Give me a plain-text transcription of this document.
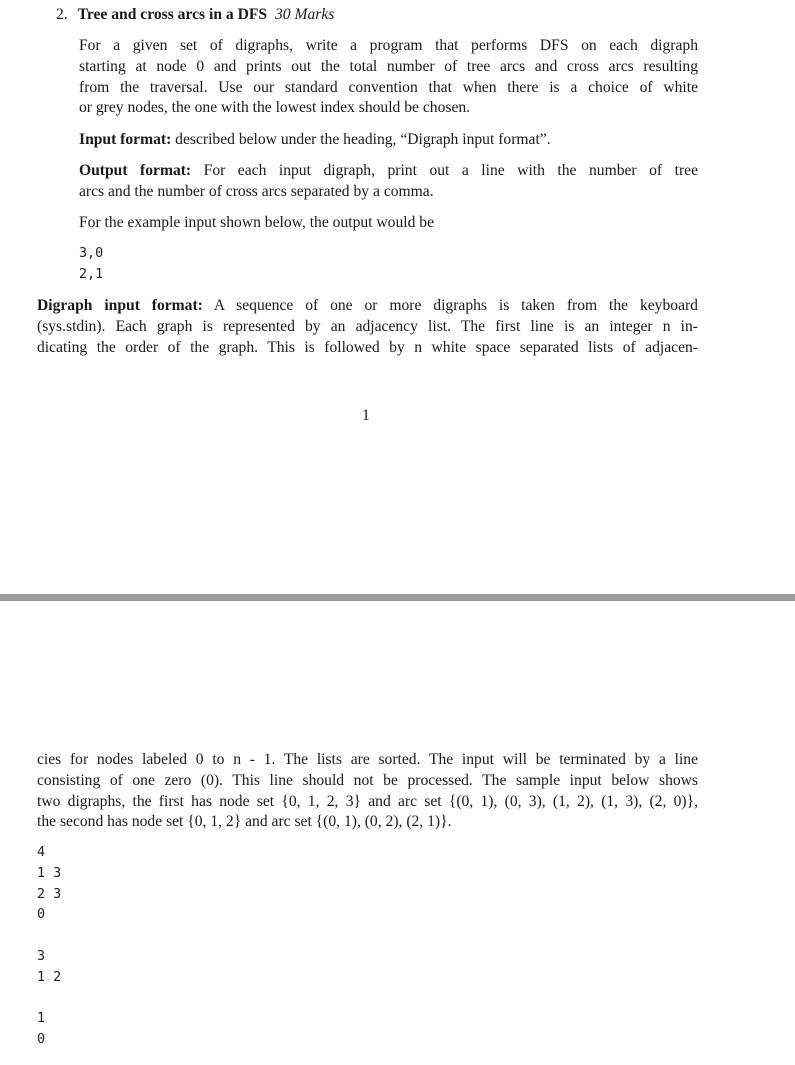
2. Tree and cross arcs in a DFS 30 Marks
For a given set of digraphs, write a program that performs DFS on each digraph
starting at node 0 and prints out the total number of tree arcs and cross arcs resulting
from the traversal. Use our standard convention that when there is a choice of white
or grey nodes, the one with the lowest index should be chosen.
Input format: described below under the heading, “Digraph input format”.
Output format: For each input digraph, print out a line with the number of tree
arcs and the number of cross arcs separated by a comma.
For the example input shown below, the output would be
3,0
2,1
Digraph input format: A sequence of one or more digraphs is taken from the keyboard
(sys.stdin). Each graph is represented by an adjacency list. The first line is an integer n in-
dicating the order of the graph. This is followed by n white space separated lists of adjacen-
1
cies for nodes labeled 0 to n - 1. The lists are sorted. The input will be terminated by a line
consisting of one zero (0). This line should not be processed. The sample input below shows
two digraphs, the first has node set {0, 1, 2, 3} and arc set {(0, 1), (0, 3), (1, 2), (1, 3), (2, 0)},
the second has node set {0, 1, 2} and arc set {(0, 1), (0, 2), (2, 1)}.
4
1 3
2 3
0

3
1 2

1
0
